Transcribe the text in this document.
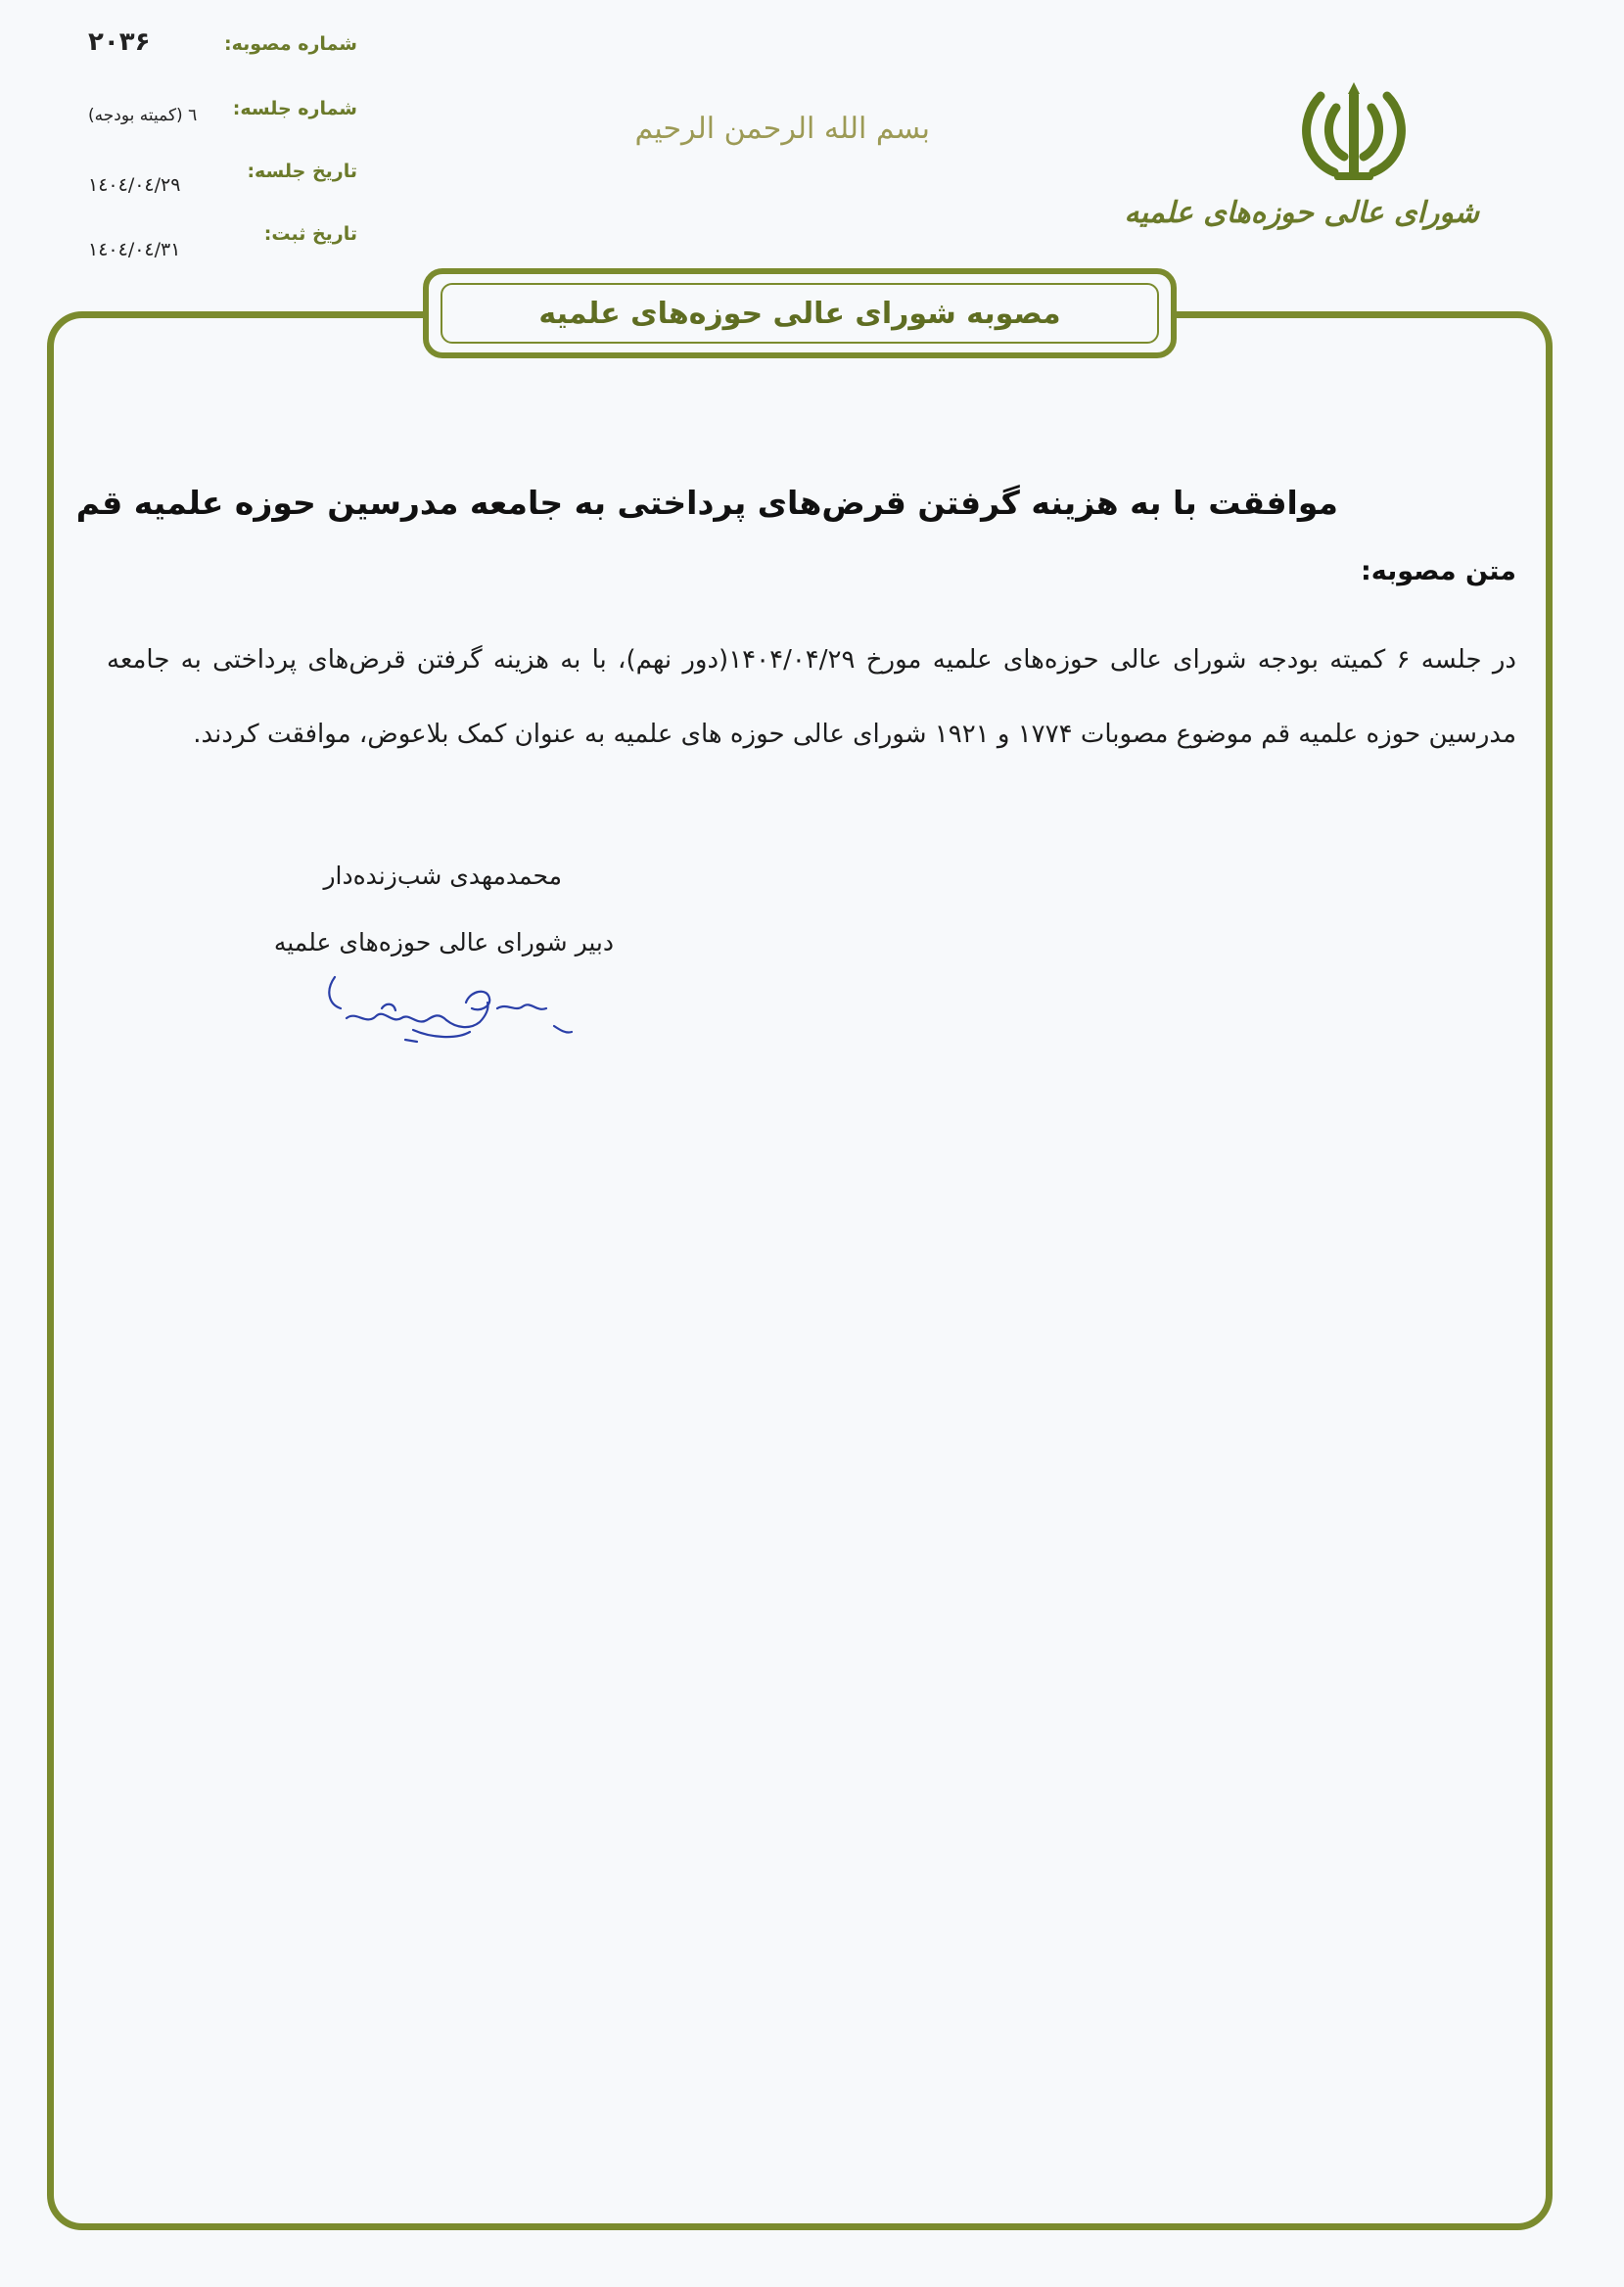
شماره مصوبه:
۲۰۳۶
شماره جلسه:
٦ (کمیته بودجه)
تاریخ جلسه:
١٤٠٤/٠٤/٢٩
تاریخ ثبت:
١٤٠٤/٠٤/٣١
بسم الله الرحمن الرحیم
شورای عالی حوزه‌های علمیه
مصوبه شورای عالی حوزه‌های علمیه
موافقت با به هزینه گرفتن قرض‌های پرداختی به جامعه مدرسین حوزه علمیه قم
متن مصوبه:
در جلسه ۶ کمیته بودجه شورای عالی حوزه‌های علمیه مورخ ۱۴۰۴/۰۴/۲۹(دور نهم)، با به هزینه گرفتن قرض‌های پرداختی به جامعه مدرسین حوزه علمیه قم موضوع مصوبات ۱۷۷۴ و ۱۹۲۱ شورای عالی حوزه های علمیه به عنوان کمک بلاعوض، موافقت کردند.
محمدمهدی شب‌زنده‌دار
دبیر شورای عالی حوزه‌های علمیه
